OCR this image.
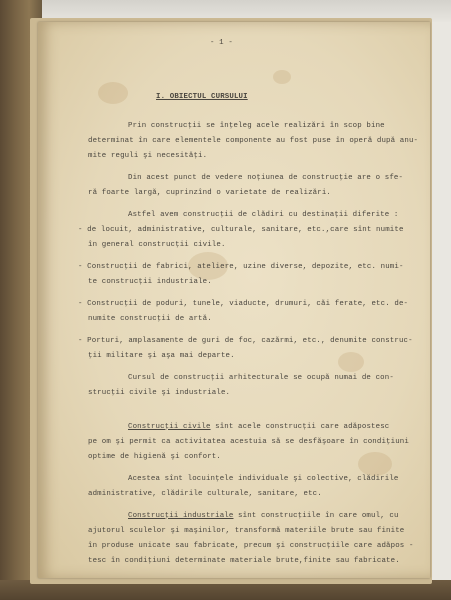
- 1 -
I. OBIECTUL CURSULUI
Prin construcţii se înţeleg acele realizări în scop bine
determinat în care elementele componente au fost puse în operă după anu-
mite reguli şi necesităţi.
Din acest punct de vedere noţiunea de construcţie are o sfe-
ră foarte largă, cuprinzînd o varietate de realizări.
Astfel avem construcţii de clădiri cu destinaţii diferite :
- de locuit, administrative, culturale, sanitare, etc.,care sînt numite
în general construcţii civile.
- Construcţii de fabrici, ateliere, uzine diverse, depozite, etc. numi-
te construcţii industriale.
- Construcţii de poduri, tunele, viaducte, drumuri, căi ferate, etc. de-
numite construcţii de artă.
- Porturi, amplasamente de guri de foc, cazărmi, etc., denumite construc-
ţii militare şi aşa mai departe.
Cursul de construcţii arhitecturale se ocupă numai de con-
strucţii civile şi industriale.
Construcţii civile sînt acele construcţii care adăpostesc
pe om şi permit ca activitatea acestuia să se desfăşoare în condiţiuni
optime de higienă şi confort.
Acestea sînt locuinţele individuale şi colective, clădirile
administrative, clădirile culturale, sanitare, etc.
Construcţii industriale sînt construcţiile în care omul, cu
ajutorul sculelor şi maşinilor, transformă materiile brute sau finite
în produse unicate sau fabricate, precum şi construcţiile care adăpos -
tesc în condiţiuni determinate materiale brute,finite sau fabricate.
